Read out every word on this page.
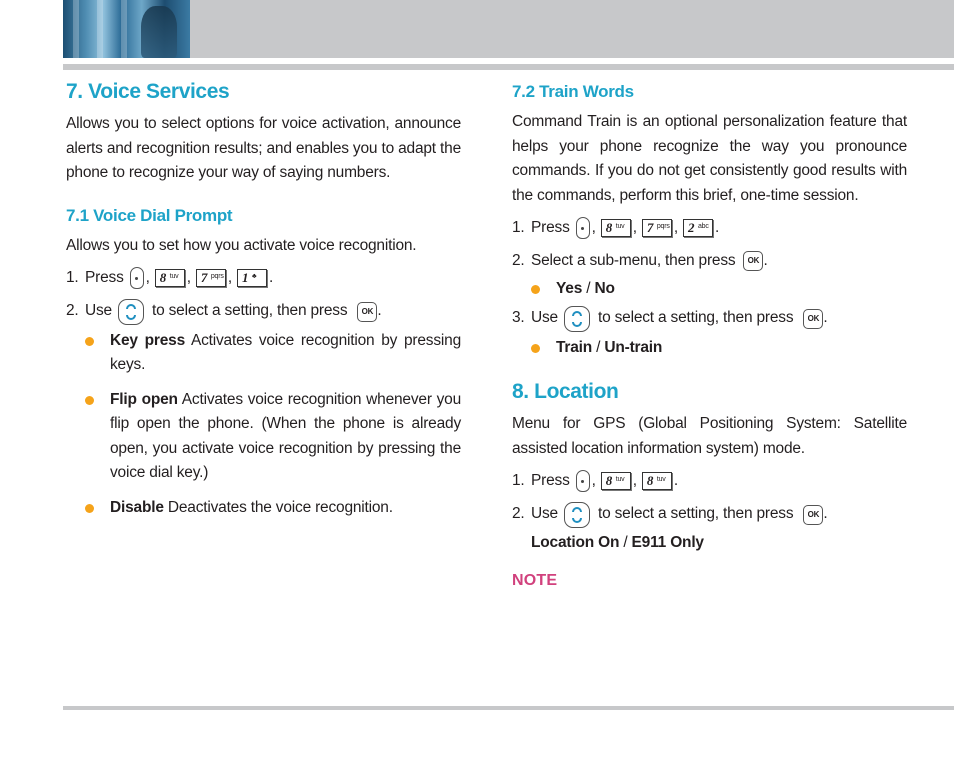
7. Voice Services

Allows you to select options for voice activation, announce alerts and recognition results; and enables you to adapt the phone to recognize your way of saying numbers.

7.1 Voice Dial Prompt

Allows you to set how you activate voice recognition.

1. Press , 8 tuv , 7 pqrs , 1 ♣ .
2. Use	to select a setting, then press	OK .
Key press Activates voice recognition by pressing keys.
Flip open Activates voice recognition whenever you flip open the phone. (When the phone is already open, you activate voice recognition by pressing the voice dial key.)
Disable Deactivates the voice recognition.
7.2 Train Words

Command Train is an optional personalization feature that helps your phone recognize the way you pronounce commands. If you do not get consistently good results with the commands, perform this brief, one-time session.

1. Press , 8 tuv , 7 pqrs , 2 abc .
2. Select a sub-menu, then press	OK .
Yes / No
3. Use	to select a setting, then press	OK .
Train / Un-train
8. Location

Menu for GPS (Global Positioning System: Satellite assisted location information system) mode.

1. Press , 8 tuv , 8 tuv .
2. Use	to select a setting, then press	OK .
Location On / E911 Only
NOTE
